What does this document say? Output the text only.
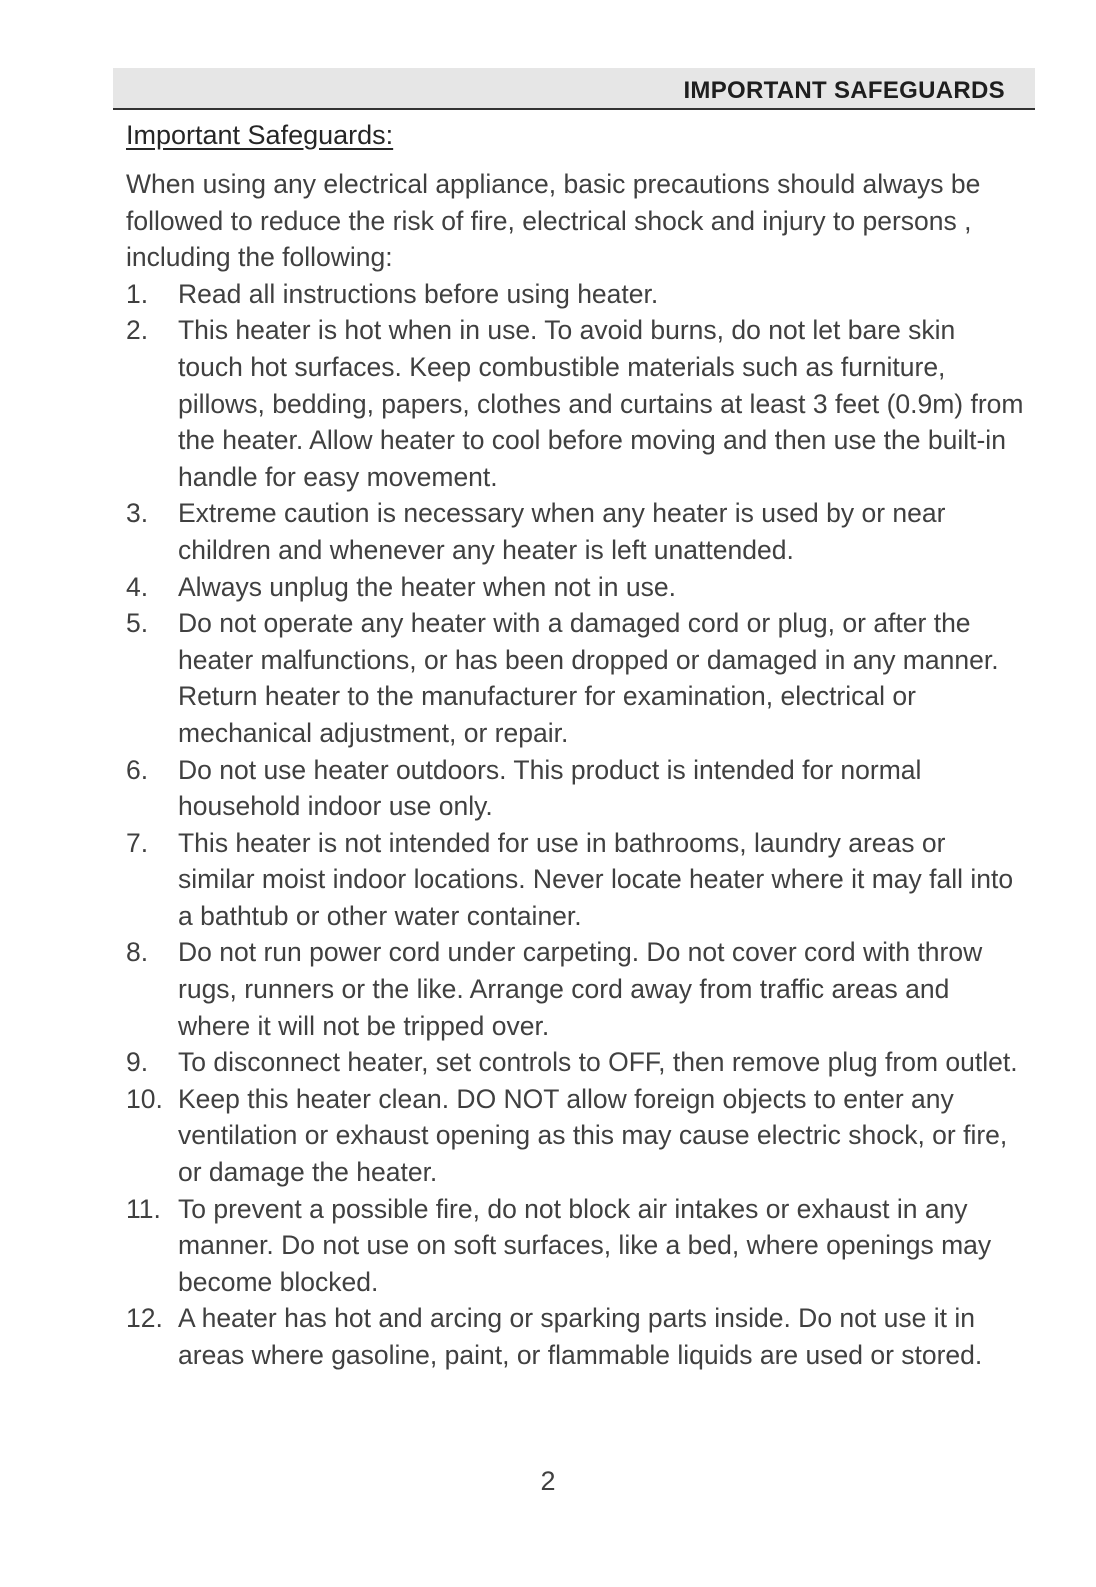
IMPORTANT SAFEGUARDS
Important Safeguards:

When using any electrical appliance, basic precautions should always be followed to reduce the risk of fire, electrical shock and injury to persons , including the following:

1. Read all instructions before using heater.
2. This heater is hot when in use. To avoid burns, do not let bare skin touch hot surfaces. Keep combustible materials such as furniture, pillows, bedding, papers, clothes and curtains at least 3 feet (0.9m) from the heater. Allow heater to cool before moving and then use the built-in handle for easy movement.
3. Extreme caution is necessary when any heater is used by or near children and whenever any heater is left unattended.
4. Always unplug the heater when not in use.
5. Do not operate any heater with a damaged cord or plug, or after the heater malfunctions, or has been dropped or damaged in any manner. Return heater to the manufacturer for examination, electrical or mechanical adjustment, or repair.
6. Do not use heater outdoors. This product is intended for normal household indoor use only.
7. This heater is not intended for use in bathrooms, laundry areas or similar moist indoor locations. Never locate heater where it may fall into a bathtub or other water container.
8. Do not run power cord under carpeting. Do not cover cord with throw rugs, runners or the like. Arrange cord away from traffic areas and where it will not be tripped over.
9. To disconnect heater, set controls to OFF, then remove plug from outlet.
10. Keep this heater clean. DO NOT allow foreign objects to enter any ventilation or exhaust opening as this may cause electric shock, or fire, or damage the heater.
11. To prevent a possible fire, do not block air intakes or exhaust in any manner. Do not use on soft surfaces, like a bed, where openings may become blocked.
12. A heater has hot and arcing or sparking parts inside. Do not use it in areas where gasoline, paint, or flammable liquids are used or stored.
2
